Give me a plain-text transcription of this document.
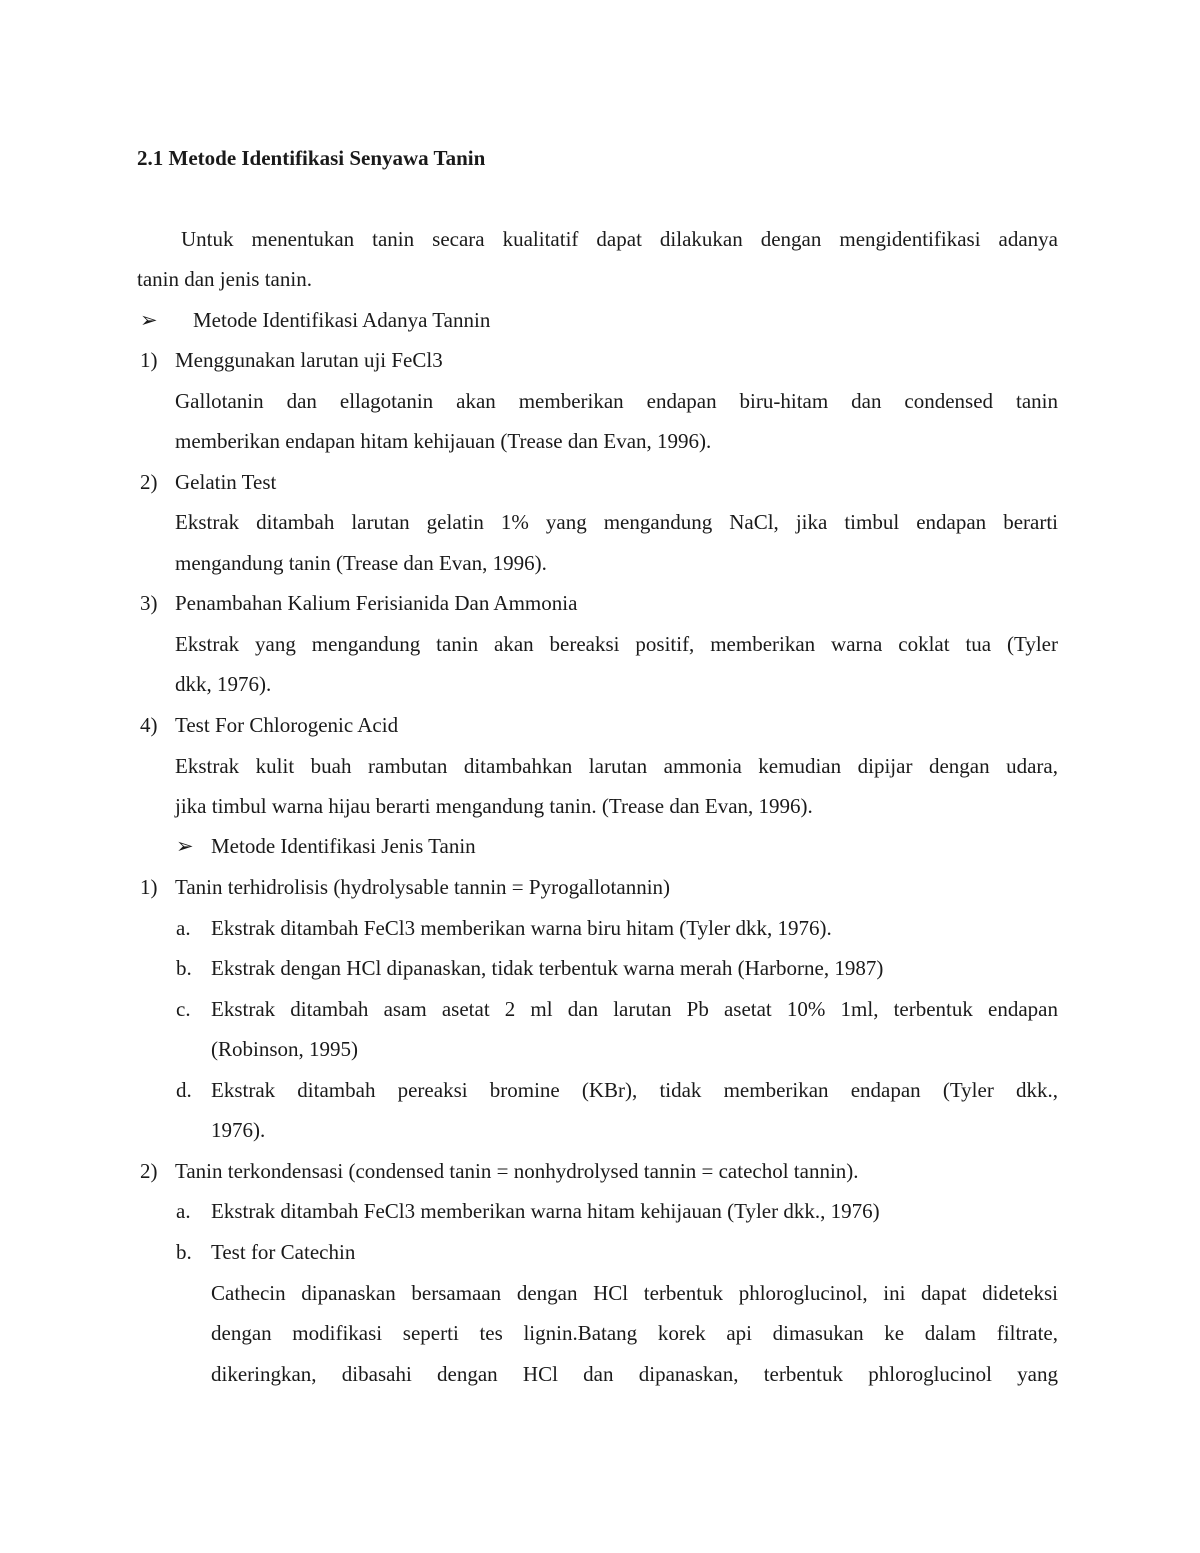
2.1 Metode Identifikasi Senyawa Tanin
Untuk menentukan tanin secara kualitatif dapat dilakukan dengan mengidentifikasi adanya
tanin dan jenis tanin.
➢ Metode Identifikasi Adanya Tannin
1) Menggunakan larutan uji FeCl3
Gallotanin dan ellagotanin akan memberikan endapan biru-hitam dan condensed tanin
memberikan endapan hitam kehijauan (Trease dan Evan, 1996).
2) Gelatin Test
Ekstrak ditambah larutan gelatin 1% yang mengandung NaCl, jika timbul endapan berarti
mengandung tanin (Trease dan Evan, 1996).
3) Penambahan Kalium Ferisianida Dan Ammonia
Ekstrak yang mengandung tanin akan bereaksi positif, memberikan warna coklat tua (Tyler
dkk, 1976).
4) Test For Chlorogenic Acid
Ekstrak kulit buah rambutan ditambahkan larutan ammonia kemudian dipijar dengan udara,
jika timbul warna hijau berarti mengandung tanin. (Trease dan Evan, 1996).
➢ Metode Identifikasi Jenis Tanin
1) Tanin terhidrolisis (hydrolysable tannin = Pyrogallotannin)
a. Ekstrak ditambah FeCl3 memberikan warna biru hitam (Tyler dkk, 1976).
b. Ekstrak dengan HCl dipanaskan, tidak terbentuk warna merah (Harborne, 1987)
c. Ekstrak ditambah asam asetat 2 ml dan larutan Pb asetat 10% 1ml, terbentuk endapan
(Robinson, 1995)
d. Ekstrak ditambah pereaksi bromine (KBr), tidak memberikan endapan (Tyler dkk.,
1976).
2) Tanin terkondensasi (condensed tanin = nonhydrolysed tannin = catechol tannin).
a. Ekstrak ditambah FeCl3 memberikan warna hitam kehijauan (Tyler dkk., 1976)
b. Test for Catechin
Cathecin dipanaskan bersamaan dengan HCl terbentuk phloroglucinol, ini dapat dideteksi
dengan modifikasi seperti tes lignin.Batang korek api dimasukan ke dalam filtrate,
dikeringkan, dibasahi dengan HCl dan dipanaskan, terbentuk phloroglucinol yang
